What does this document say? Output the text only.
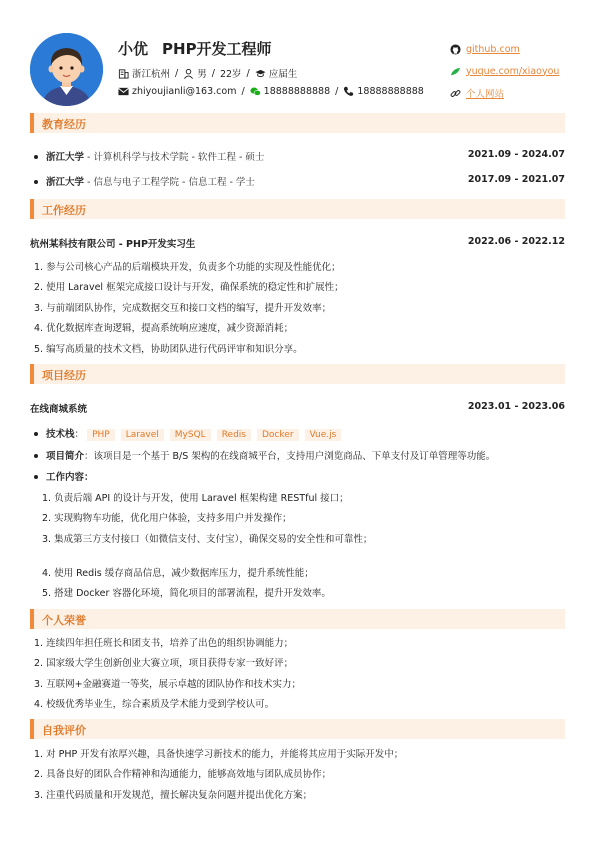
小优 PHP开发工程师
浙江杭州 / 男 / 22岁 / 应届生
zhiyoujianli@163.com / 18888888888 / 18888888888
github.com
yuque.com/xiaoyou
个人网站
教育经历
浙江大学 - 计算机科学与技术学院 - 软件工程 - 硕士	2021.09 - 2024.07
浙江大学 - 信息与电子工程学院 - 信息工程 - 学士	2017.09 - 2021.07
工作经历
杭州某科技有限公司 - PHP开发实习生	2022.06 - 2022.12
1. 参与公司核心产品的后端模块开发，负责多个功能的实现及性能优化；
2. 使用 Laravel 框架完成接口设计与开发，确保系统的稳定性和扩展性；
3. 与前端团队协作，完成数据交互和接口文档的编写，提升开发效率；
4. 优化数据库查询逻辑，提高系统响应速度，减少资源消耗；
5. 编写高质量的技术文档，协助团队进行代码评审和知识分享。
项目经历
在线商城系统	2023.01 - 2023.06
技术栈： PHP	Laravel	MySQL	Redis	Docker	Vue.js
项目简介：该项目是一个基于 B/S 架构的在线商城平台，支持用户浏览商品、下单支付及订单管理等功能。
工作内容：
1. 负责后端 API 的设计与开发，使用 Laravel 框架构建 RESTful 接口；
2. 实现购物车功能，优化用户体验，支持多用户并发操作；
3. 集成第三方支付接口（如微信支付、支付宝），确保交易的安全性和可靠性；
4. 使用 Redis 缓存商品信息，减少数据库压力，提升系统性能；
5. 搭建 Docker 容器化环境，简化项目的部署流程，提升开发效率。
个人荣誉
1. 连续四年担任班长和团支书，培养了出色的组织协调能力；
2. 国家级大学生创新创业大赛立项，项目获得专家一致好评；
3. 互联网+金融赛道一等奖，展示卓越的团队协作和技术实力；
4. 校级优秀毕业生，综合素质及学术能力受到学校认可。
自我评价
1. 对 PHP 开发有浓厚兴趣，具备快速学习新技术的能力，并能将其应用于实际开发中；
2. 具备良好的团队合作精神和沟通能力，能够高效地与团队成员协作；
3. 注重代码质量和开发规范，擅长解决复杂问题并提出优化方案；
